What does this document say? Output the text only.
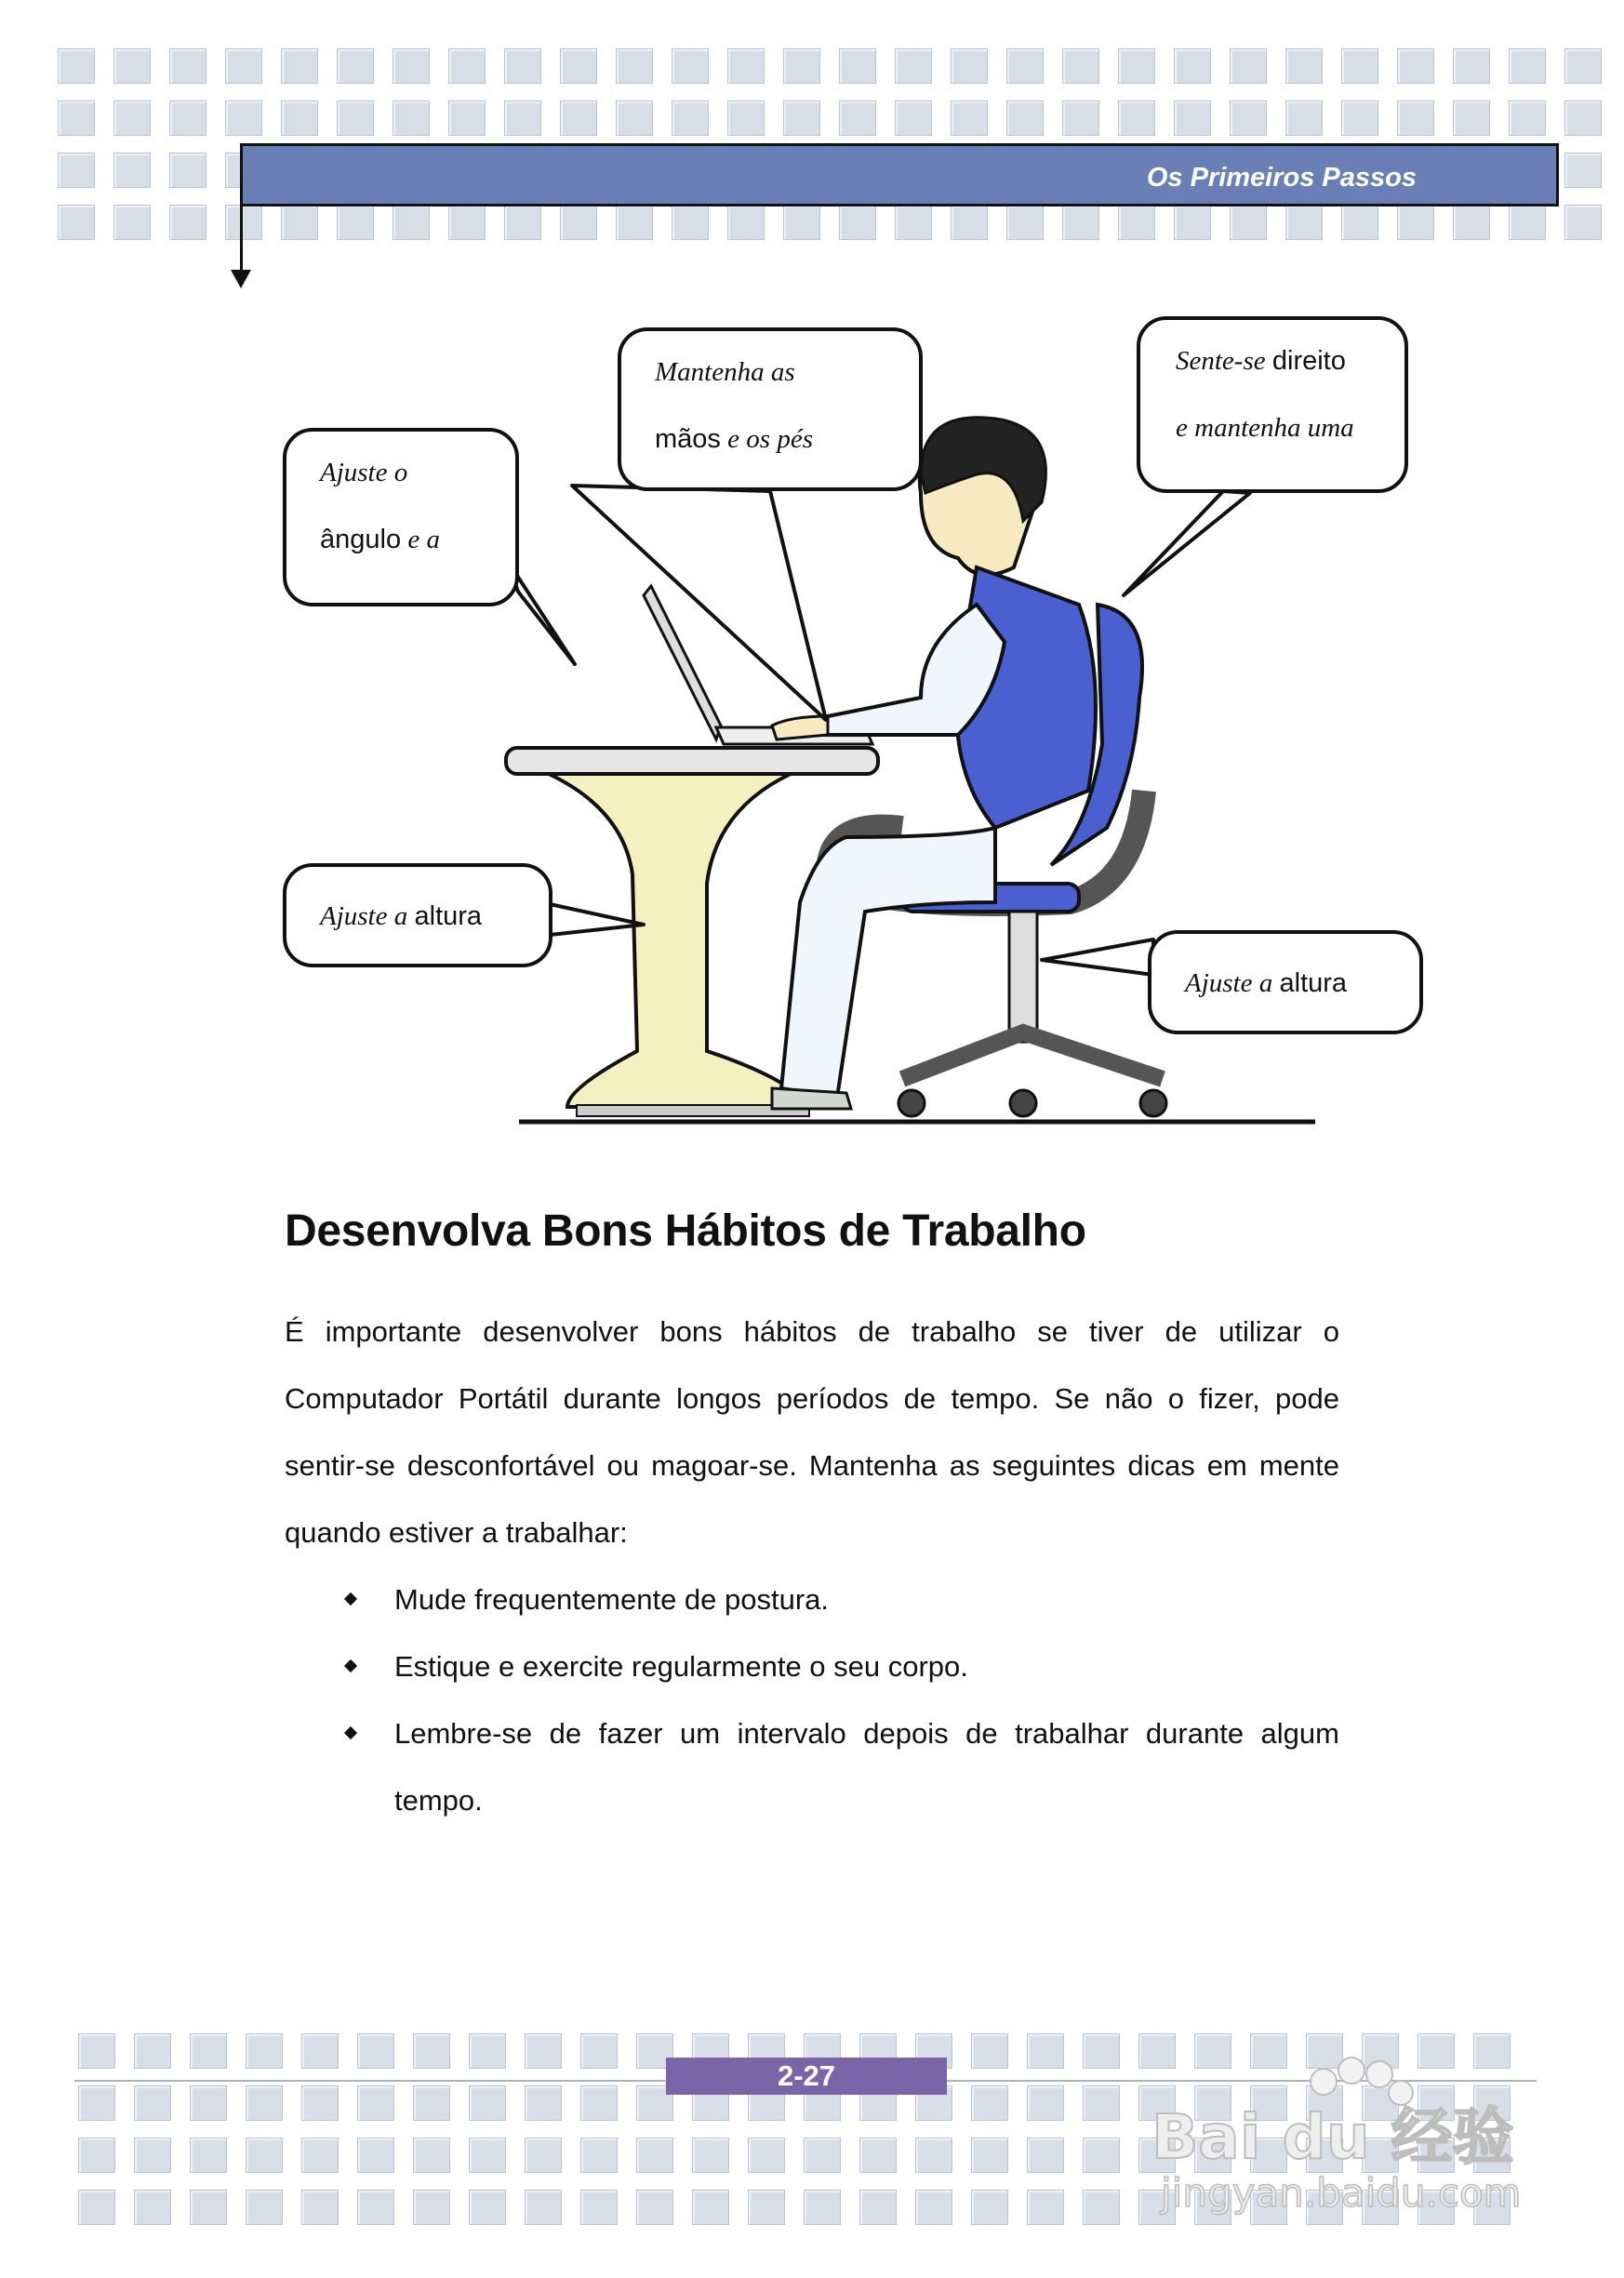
Os Primeiros Passos
Ajuste o
ângulo e a
Mantenha as
mãos e os pés
Sente-se direito
e mantenha uma
Ajuste a altura
Ajuste a altura
Desenvolva Bons Hábitos de Trabalho

É importante desenvolver bons hábitos de trabalho se tiver de utilizar o Computador Portátil durante longos períodos de tempo. Se não o fizer, pode sentir-se desconfortável ou magoar-se. Mantenha as seguintes dicas em mente quando estiver a trabalhar:

Mude frequentemente de postura.
Estique e exercite regularmente o seu corpo.
Lembre-se de fazer um intervalo depois de trabalhar durante algum tempo.
2-27
Bai du 经验
jingyan.baidu.com
